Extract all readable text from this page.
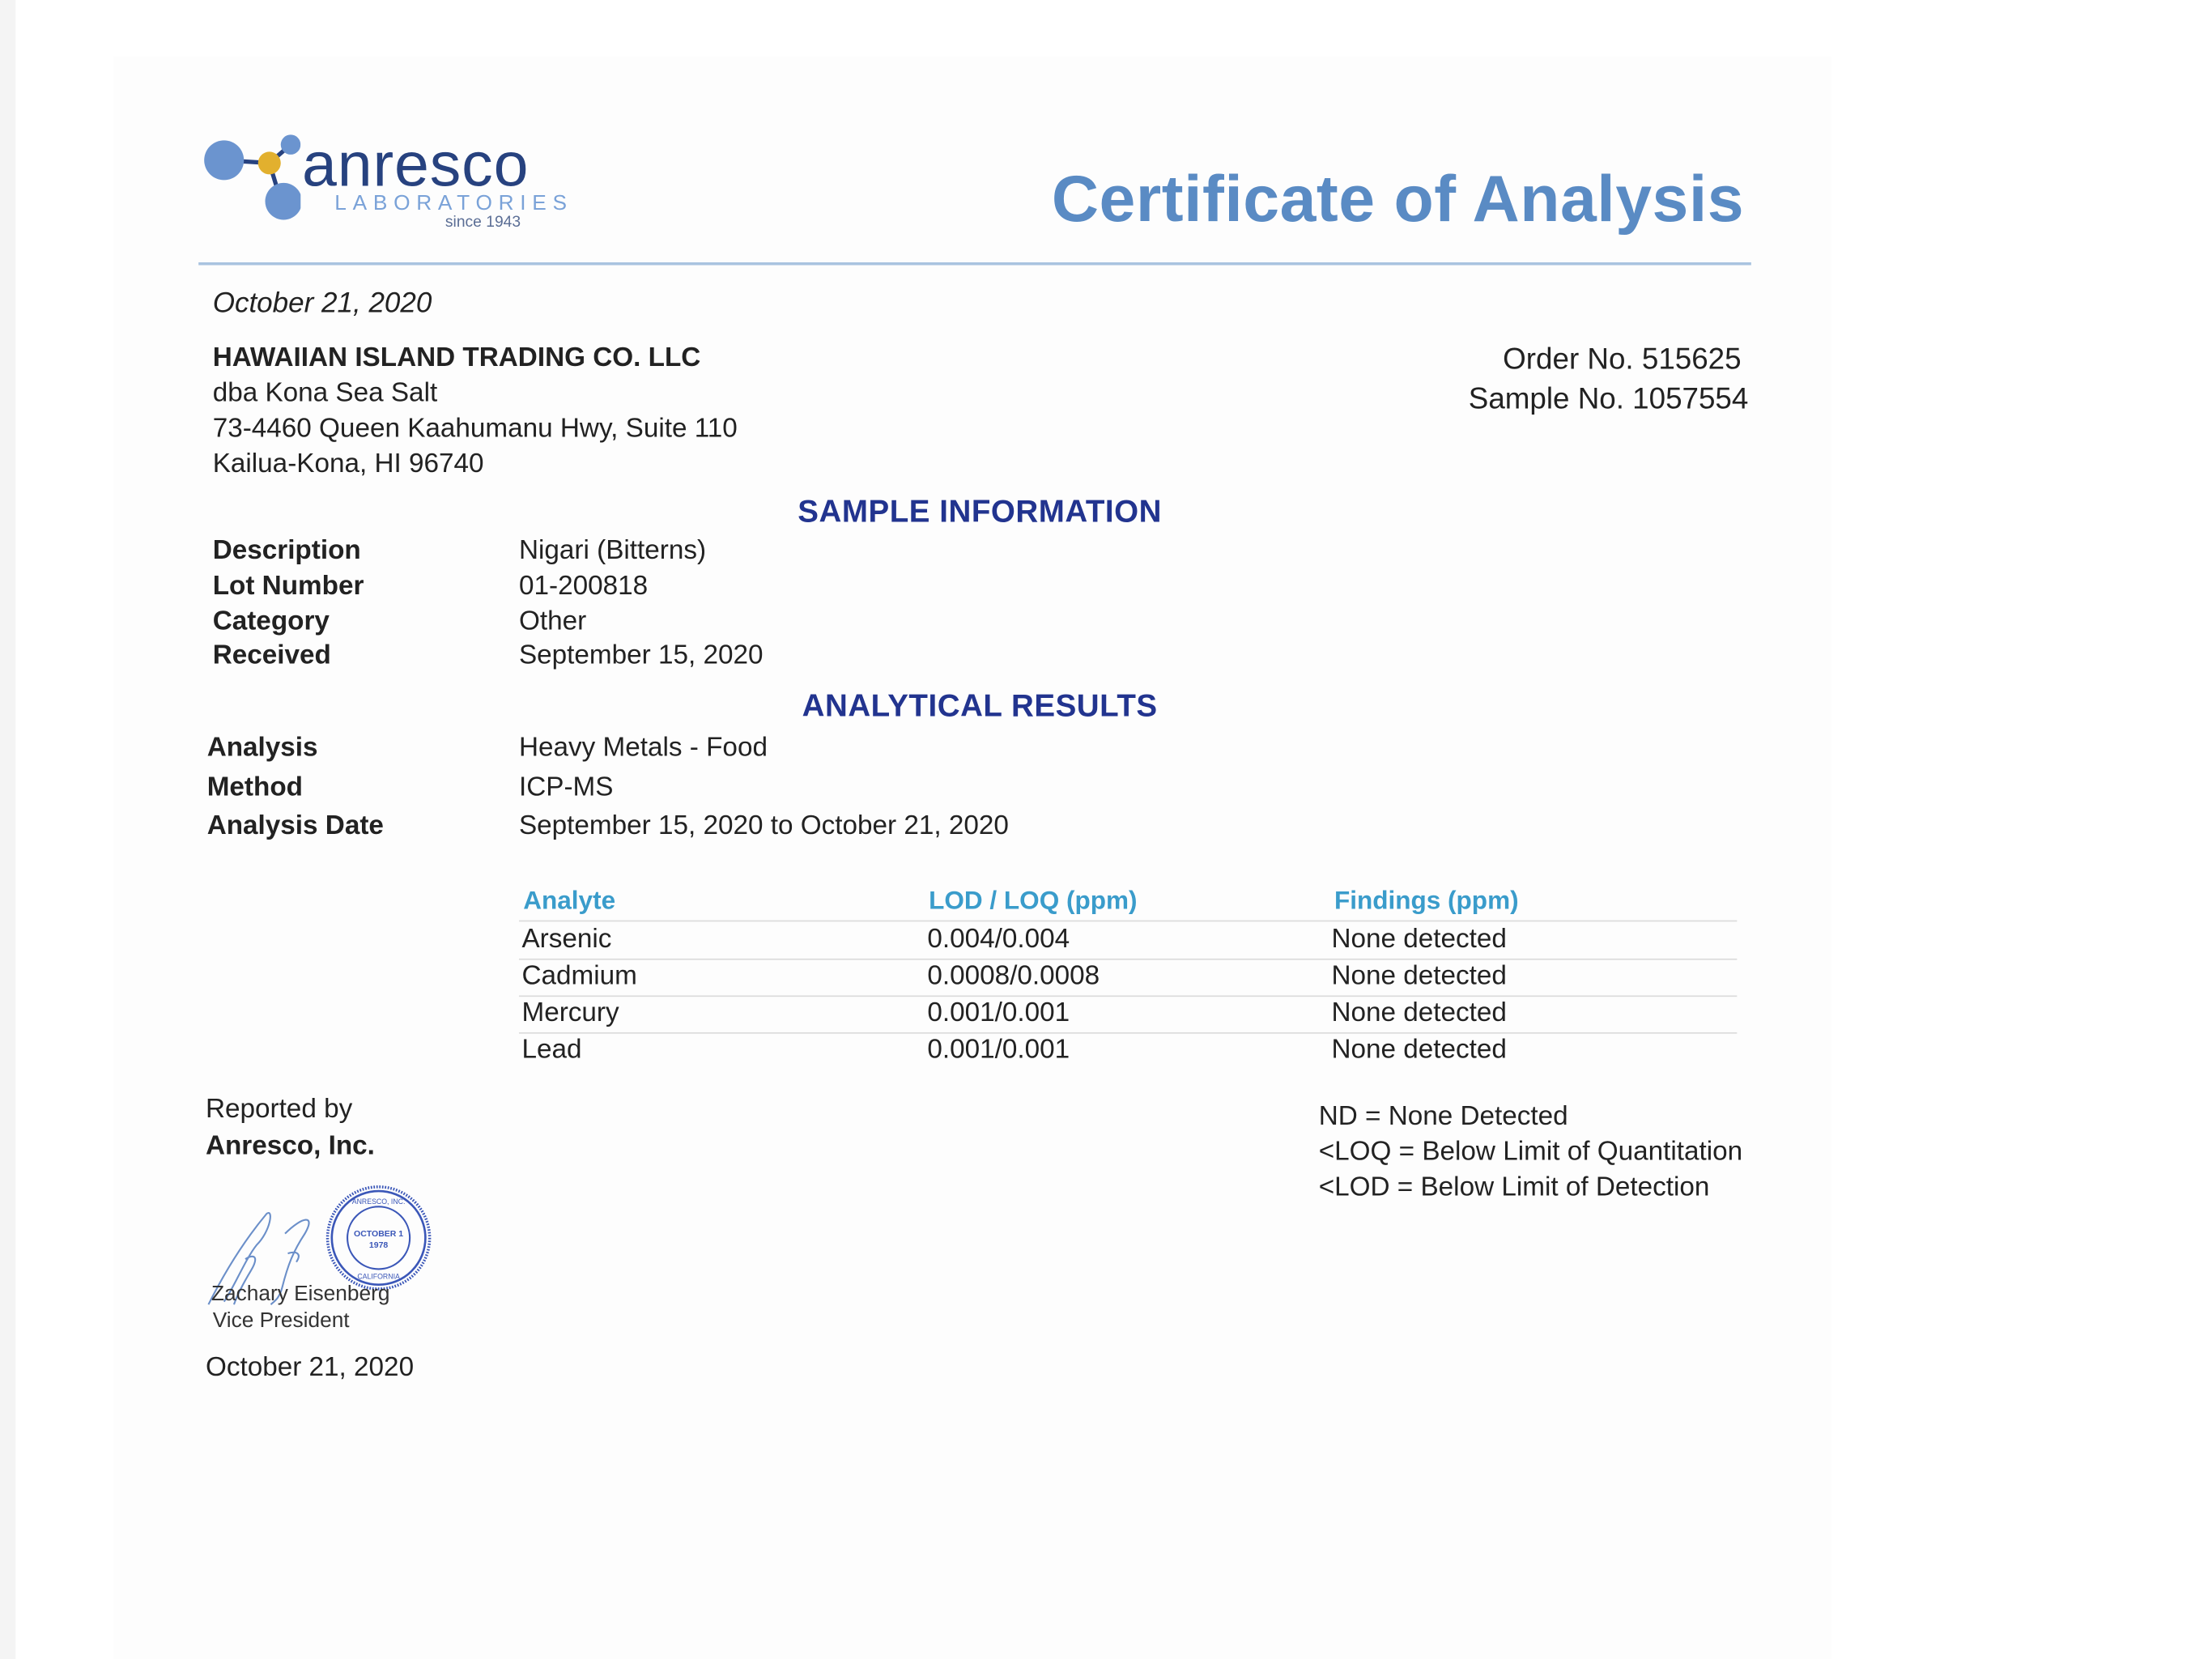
anresco
LABORATORIES
since 1943	Certificate of Analysis
October 21, 2020
HAWAIIAN ISLAND TRADING CO. LLC
dba Kona Sea Salt
73-4460 Queen Kaahumanu Hwy, Suite 110
Kailua-Kona, HI 96740
Order No. 515625
Sample No. 1057554
SAMPLE INFORMATION
Description	Nigari (Bitterns)
Lot Number	01-200818
Category	Other
Received	September 15, 2020
ANALYTICAL RESULTS
Analysis	Heavy Metals - Food
Method	ICP-MS
Analysis Date	September 15, 2020 to October 21, 2020
Analyte	LOD / LOQ (ppm)	Findings (ppm)
Arsenic	0.004/0.004	None detected
Cadmium	0.0008/0.0008	None detected
Mercury	0.001/0.001	None detected
Lead	0.001/0.001	None detected
Reported by
Anresco, Inc.
OCTOBER 1
1978
ANRESCO, INC.
CALIFORNIA
Zachary Eisenberg
Vice President
October 21, 2020
ND = None Detected
<LOQ = Below Limit of Quantitation
<LOD = Below Limit of Detection
